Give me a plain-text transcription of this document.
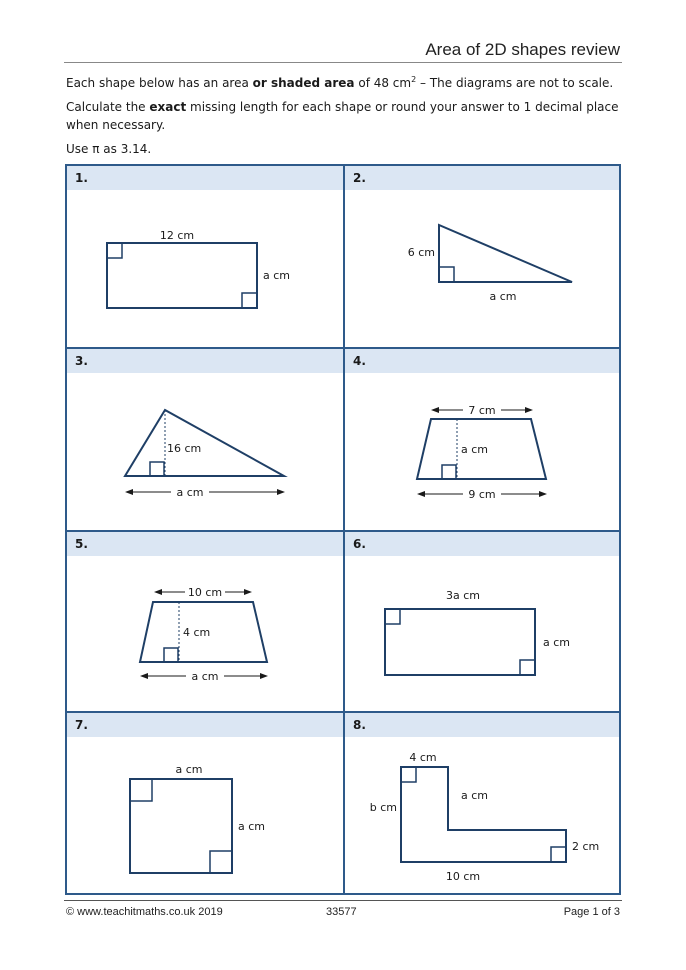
Area of 2D shapes review
Each shape below has an area or shaded area of 48 $cm^2$ – The diagrams are not to scale.
Calculate the exact missing length for each shape or round your answer to 1 decimal place when necessary.
Use π as 3.14.
1.
12 cm
a cm
2.
6 cm
a cm
3.
16 cm
a cm
4.
7 cm
a cm
9 cm
5.
10 cm
4 cm
a cm
6.
3a cm
a cm
7.
a cm
a cm
8.
4 cm
b cm
a cm
2 cm
10 cm
© www.teachitmaths.co.uk 2019	33577	Page 1 of 3
